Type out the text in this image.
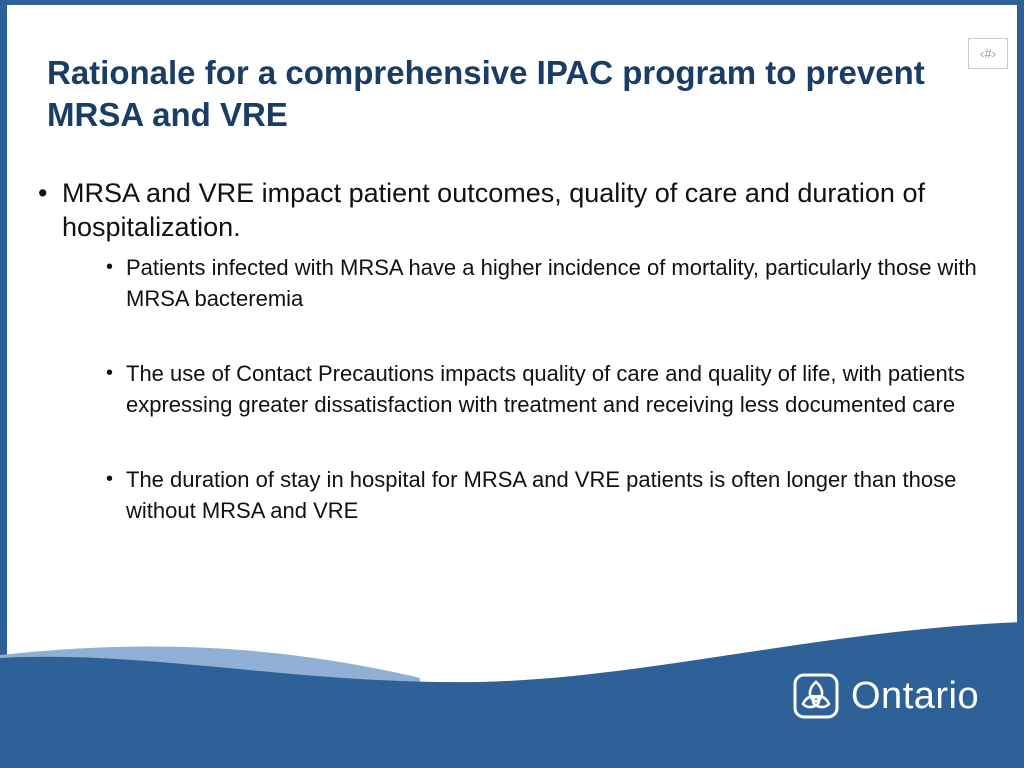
Rationale for a comprehensive IPAC program to prevent MRSA and VRE
‹#›
• MRSA and VRE impact patient outcomes, quality of care and duration of hospitalization.
• Patients infected with MRSA have a higher incidence of mortality, particularly those with MRSA bacteremia
• The use of Contact Precautions impacts quality of care and quality of life, with patients expressing greater dissatisfaction with treatment and receiving less documented care
• The duration of stay in hospital for MRSA and VRE patients is often longer than those without MRSA and VRE
Ontario
